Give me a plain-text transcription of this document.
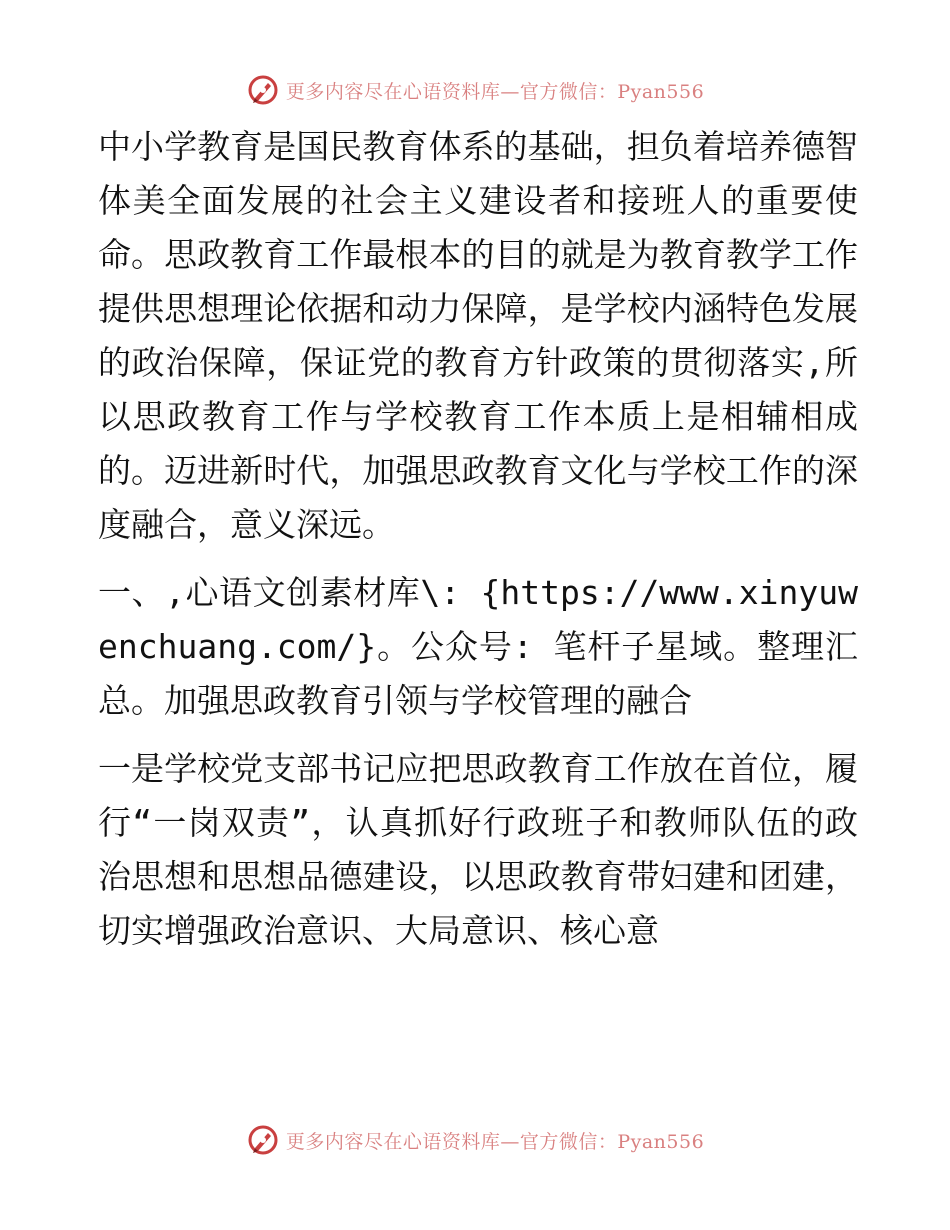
更多内容尽在心语资料库—官方微信：Pyan556

中小学教育是国民教育体系的基础，担负着培养德智体美全面发展的社会主义建设者和接班人的重要使命。思政教育工作最根本的目的就是为教育教学工作提供思想理论依据和动力保障，是学校内涵特色发展的政治保障，保证党的教育方针政策的贯彻落实,所以思政教育工作与学校教育工作本质上是相辅相成的。迈进新时代，加强思政教育文化与学校工作的深度融合，意义深远。

一、,心语文创素材库\: {https://www.xinyuwenchuang.com/}。公众号: 笔杆子星域。整理汇总。加强思政教育引领与学校管理的融合

一是学校党支部书记应把思政教育工作放在首位，履行“一岗双责”，认真抓好行政班子和教师队伍的政治思想和思想品德建设，以思政教育带妇建和团建，切实增强政治意识、大局意识、核心意

更多内容尽在心语资料库—官方微信：Pyan556
